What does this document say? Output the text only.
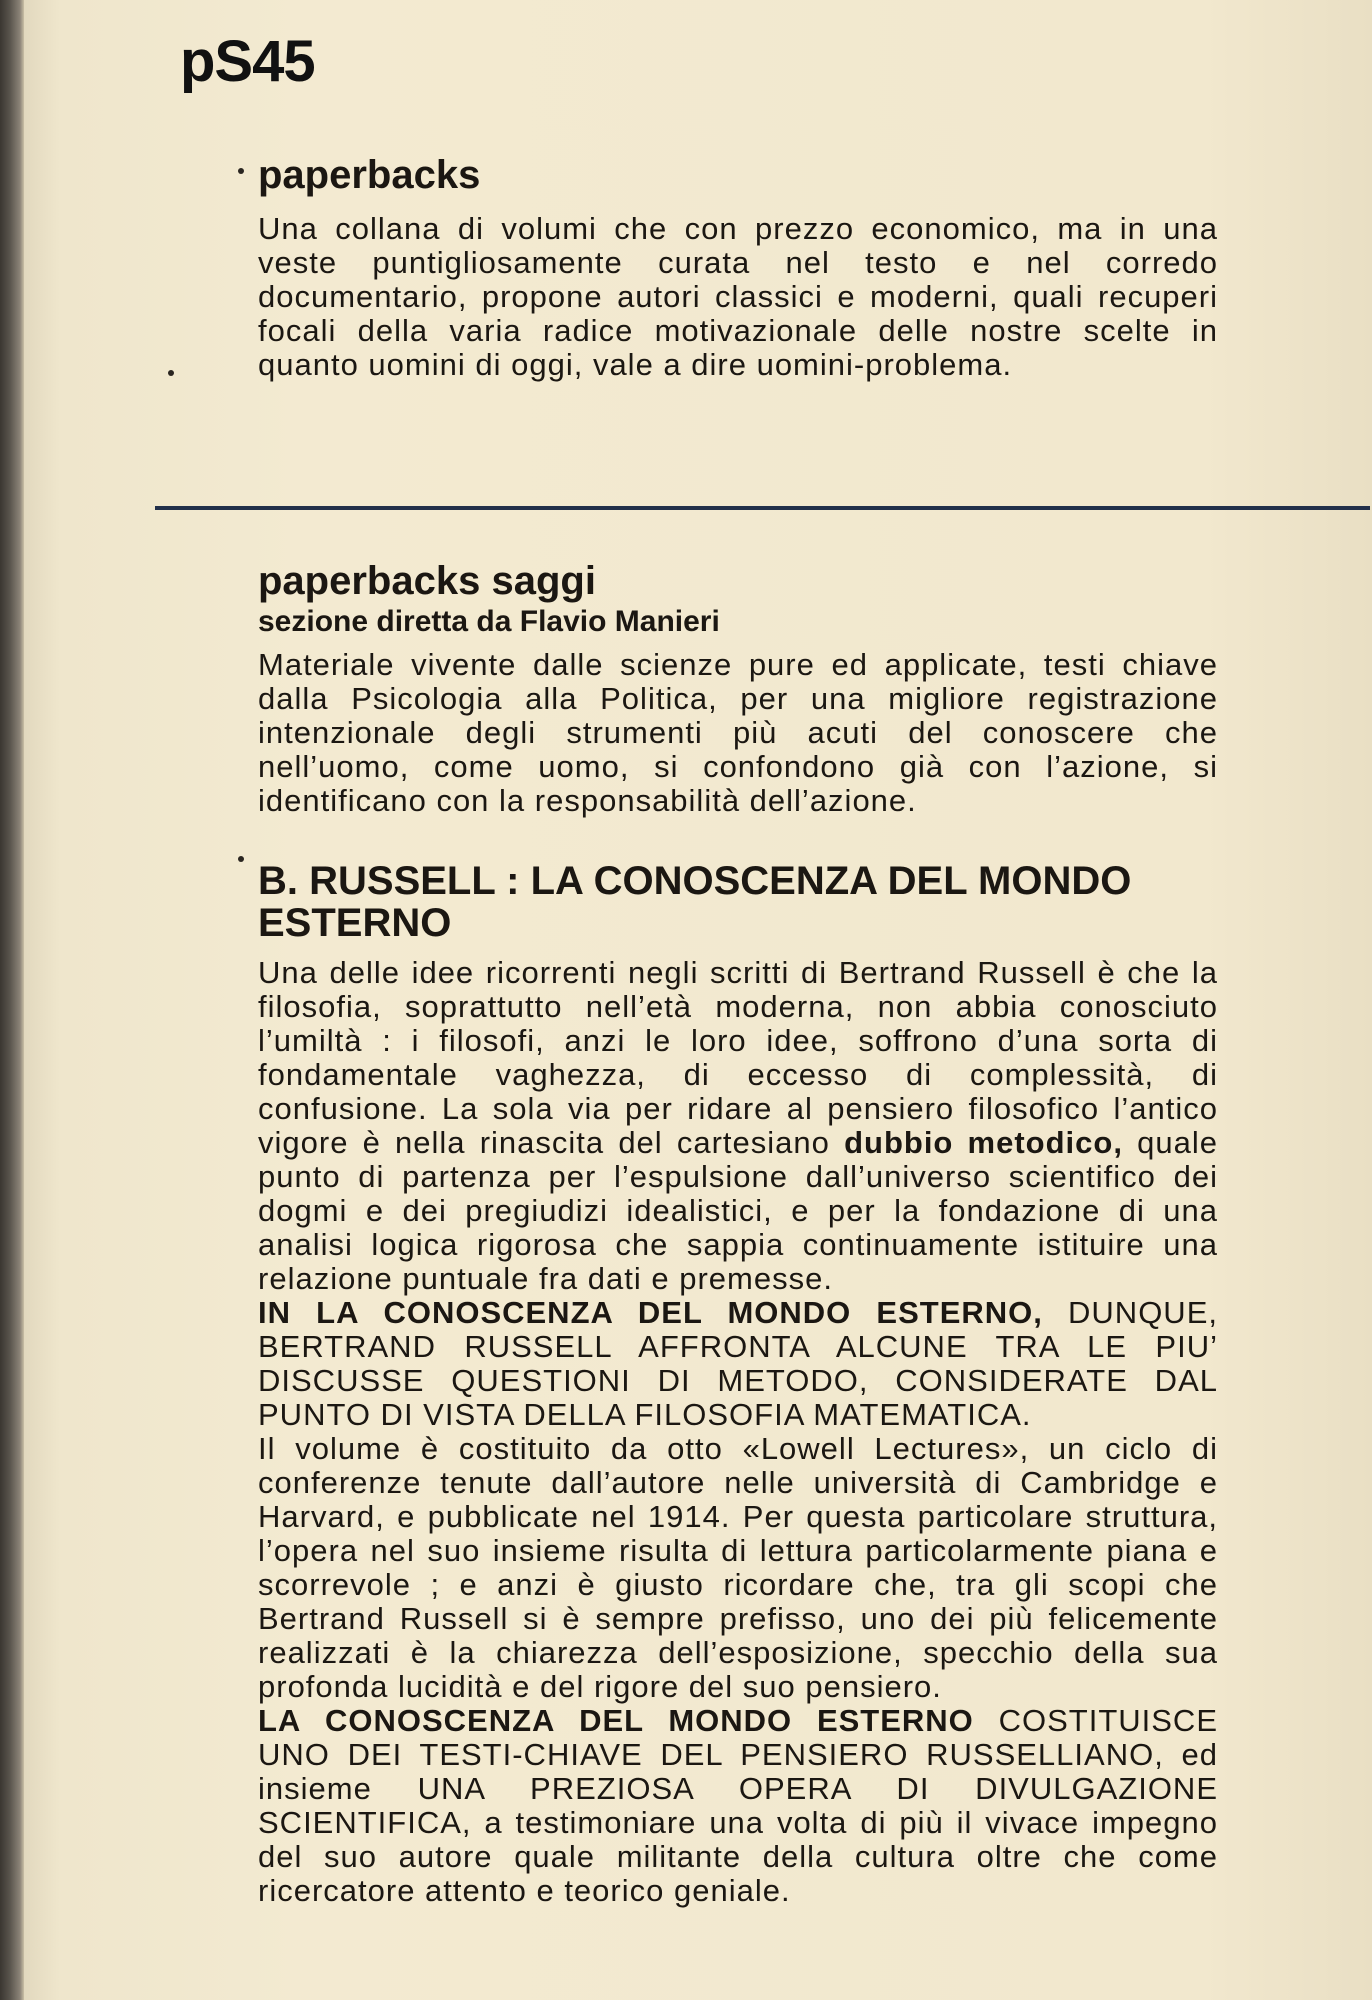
pS45

paperbacks

Una collana di volumi che con prezzo economico, ma in una veste puntigliosamente curata nel testo e nel corredo documentario, propone autori classici e moderni, quali recuperi focali della varia radice motivazionale delle nostre scelte in quanto uomini di oggi, vale a dire uomini-problema.

paperbacks saggi

sezione diretta da Flavio Manieri

Materiale vivente dalle scienze pure ed applicate, testi chiave dalla Psicologia alla Politica, per una migliore registrazione intenzionale degli strumenti più acuti del conoscere che nell’uomo, come uomo, si confondono già con l’azione, si identificano con la responsabilità dell’azione.

B. RUSSELL : LA CONOSCENZA DEL MONDO ESTERNO

Una delle idee ricorrenti negli scritti di Bertrand Russell è che la filosofia, soprattutto nell’età moderna, non abbia conosciuto l’umiltà : i filosofi, anzi le loro idee, soffrono d’una sorta di fondamentale vaghezza, di eccesso di complessità, di confusione. La sola via per ridare al pensiero filosofico l’antico vigore è nella rinascita del cartesiano dubbio metodico, quale punto di partenza per l’espulsione dall’universo scientifico dei dogmi e dei pregiudizi idealistici, e per la fondazione di una analisi logica rigorosa che sappia continuamente istituire una relazione puntuale fra dati e premesse.

IN LA CONOSCENZA DEL MONDO ESTERNO, DUNQUE, BERTRAND RUSSELL AFFRONTA ALCUNE TRA LE PIU’ DISCUSSE QUESTIONI DI METODO, CONSIDERATE DAL PUNTO DI VISTA DELLA FILOSOFIA MATEMATICA.

Il volume è costituito da otto «Lowell Lectures», un ciclo di conferenze tenute dall’autore nelle università di Cambridge e Harvard, e pubblicate nel 1914. Per questa particolare struttura, l’opera nel suo insieme risulta di lettura particolarmente piana e scorrevole ; e anzi è giusto ricordare che, tra gli scopi che Bertrand Russell si è sempre prefisso, uno dei più felicemente realizzati è la chiarezza dell’esposizione, specchio della sua profonda lucidità e del rigore del suo pensiero.

LA CONOSCENZA DEL MONDO ESTERNO COSTITUISCE UNO DEI TESTI-CHIAVE DEL PENSIERO RUSSELLIANO, ed insieme UNA PREZIOSA OPERA DI DIVULGAZIONE SCIENTIFICA, a testimoniare una volta di più il vivace impegno del suo autore quale militante della cultura oltre che come ricercatore attento e teorico geniale.
